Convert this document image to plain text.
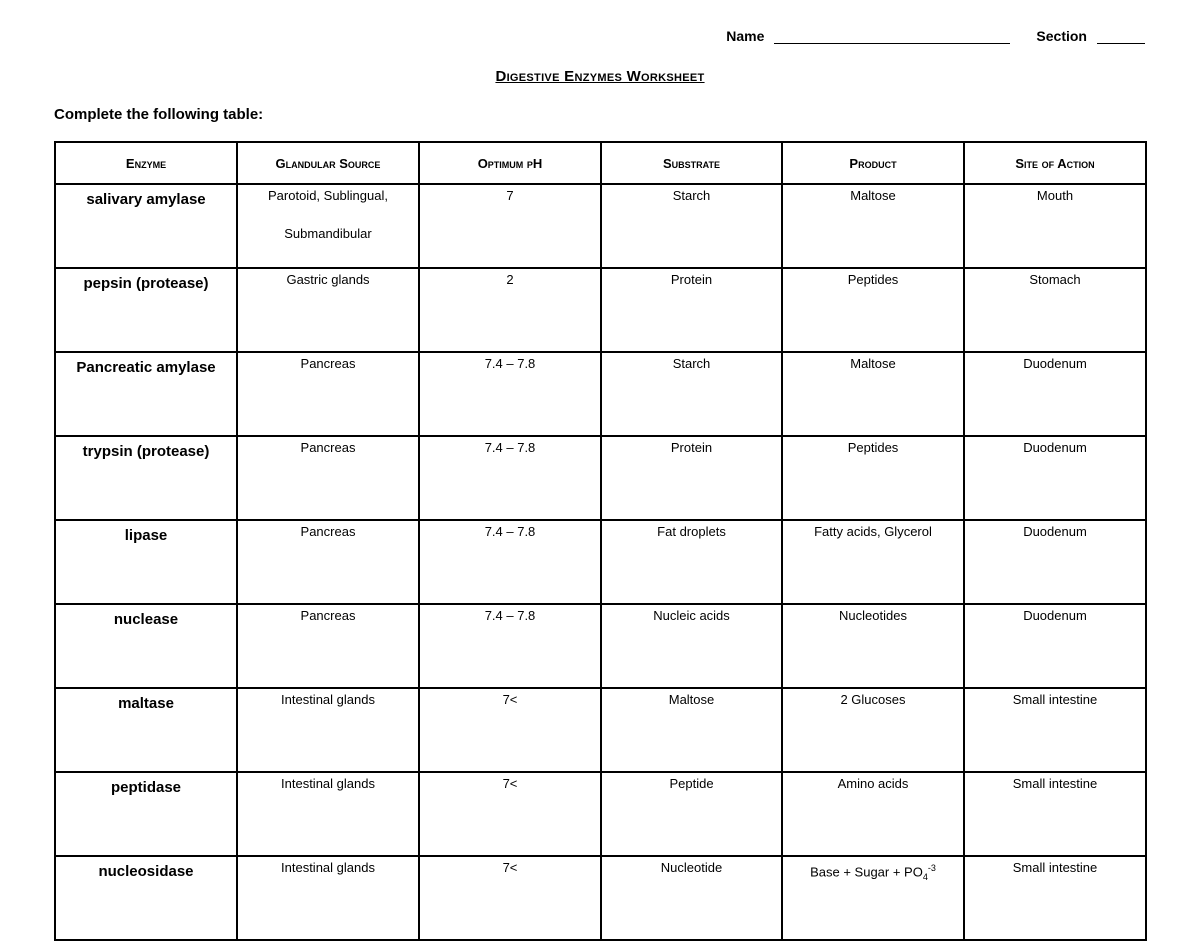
Name	Section
Digestive Enzymes Worksheet
Complete the following table:
Enzyme	Glandular Source	Optimum pH	Substrate	Product	Site of Action

salivary amylase	Parotoid, Sublingual, Submandibular	7	Starch	Maltose	Mouth

pepsin (protease)	Gastric glands	2	Protein	Peptides	Stomach

Pancreatic amylase	Pancreas	7.4 – 7.8	Starch	Maltose	Duodenum

trypsin (protease)	Pancreas	7.4 – 7.8	Protein	Peptides	Duodenum

lipase	Pancreas	7.4 – 7.8	Fat droplets	Fatty acids, Glycerol	Duodenum

nuclease	Pancreas	7.4 – 7.8	Nucleic acids	Nucleotides	Duodenum

maltase	Intestinal glands	7<	Maltose	2 Glucoses	Small intestine

peptidase	Intestinal glands	7<	Peptide	Amino acids	Small intestine

nucleosidase	Intestinal glands	7<	Nucleotide	Base + Sugar + $PO_4^{-3}$	Small intestine
